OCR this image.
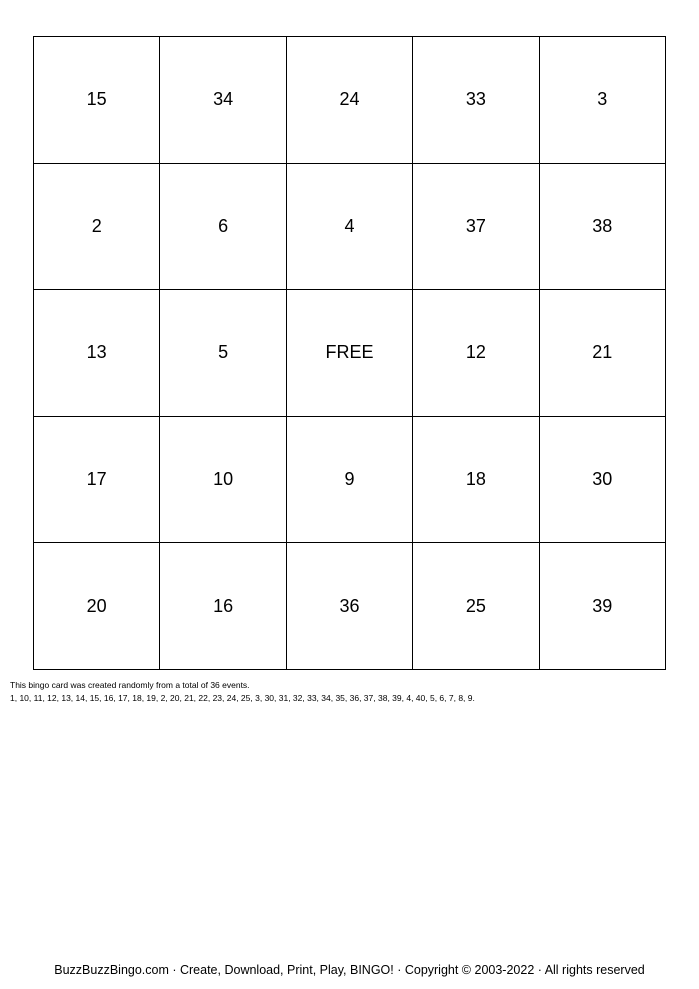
15	34	24	33	3
2	6	4	37	38
13	5	FREE	12	21
17	10	9	18	30
20	16	36	25	39
This bingo card was created randomly from a total of 36 events.
1, 10, 11, 12, 13, 14, 15, 16, 17, 18, 19, 2, 20, 21, 22, 23, 24, 25, 3, 30, 31, 32, 33, 34, 35, 36, 37, 38, 39, 4, 40, 5, 6, 7, 8, 9.
BuzzBuzzBingo.com · Create, Download, Print, Play, BINGO! · Copyright © 2003-2022 · All rights reserved
